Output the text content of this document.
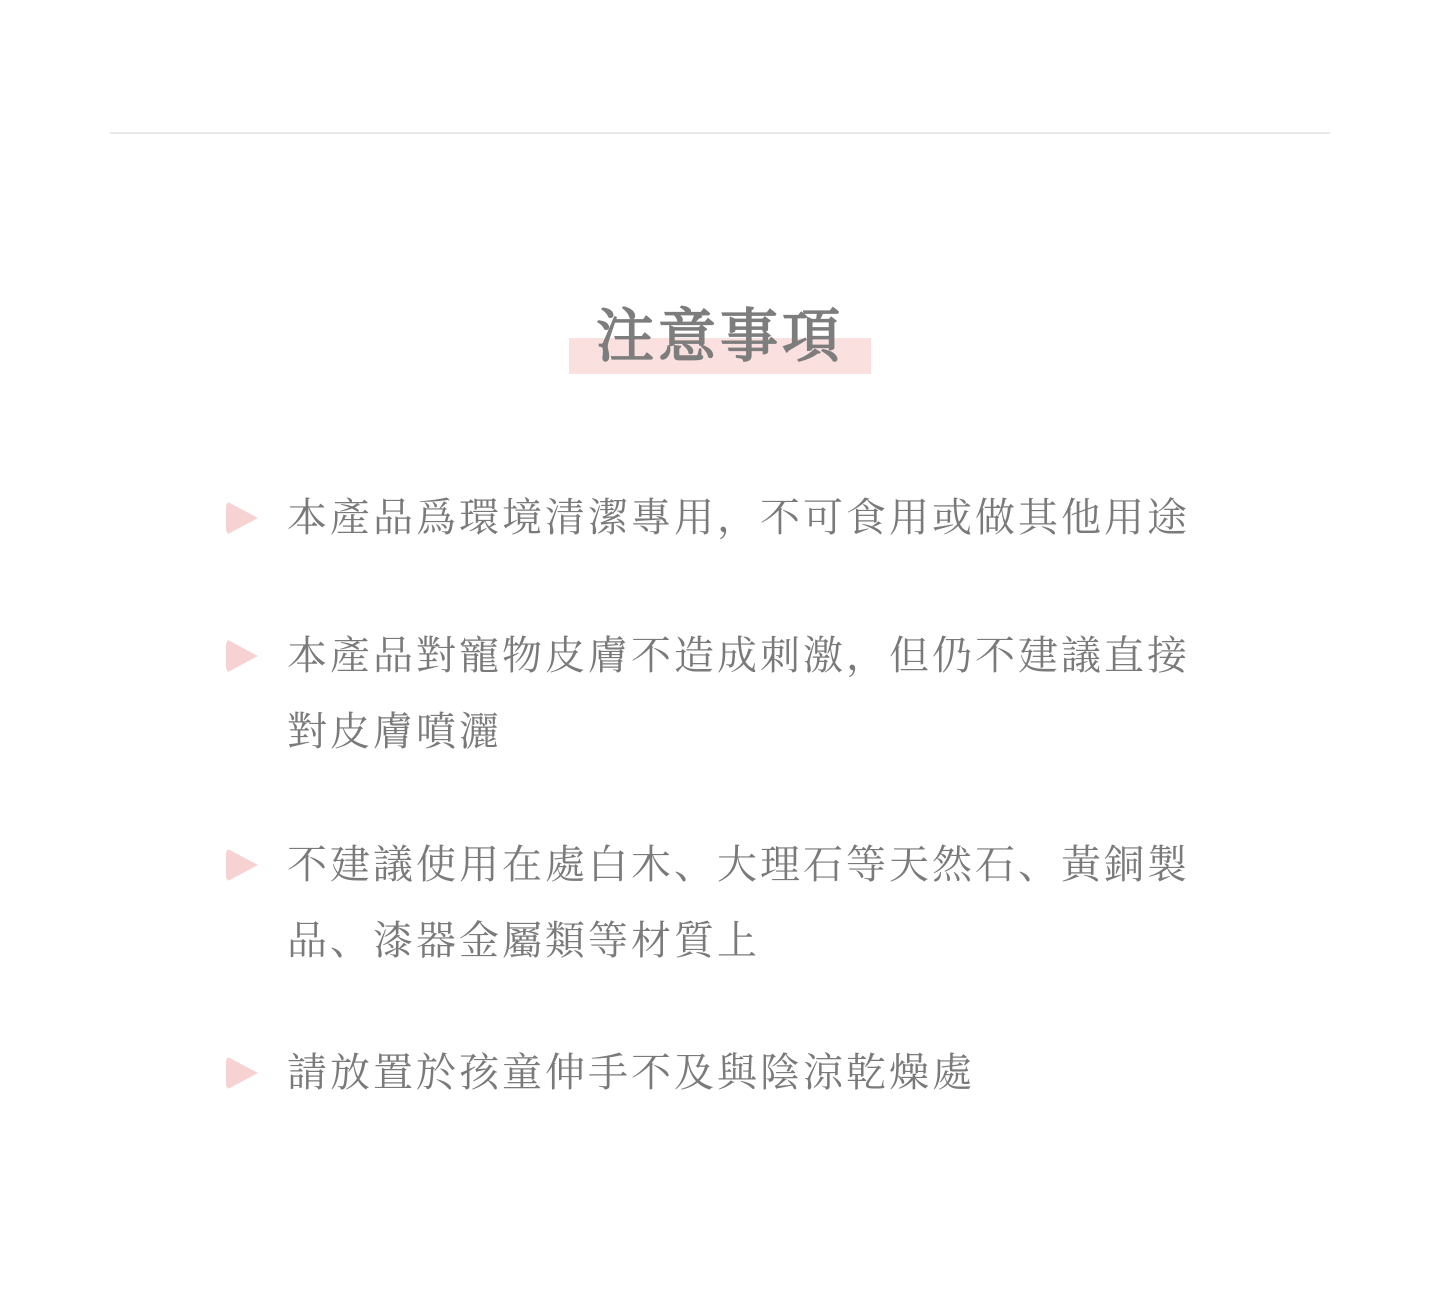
注意事項
本產品爲環境清潔專用，不可食用或做其他用途
本產品對寵物皮膚不造成刺激，但仍不建議直接對皮膚噴灑
不建議使用在處白木、大理石等天然石、黃銅製品、漆器金屬類等材質上
請放置於孩童伸手不及與陰涼乾燥處
